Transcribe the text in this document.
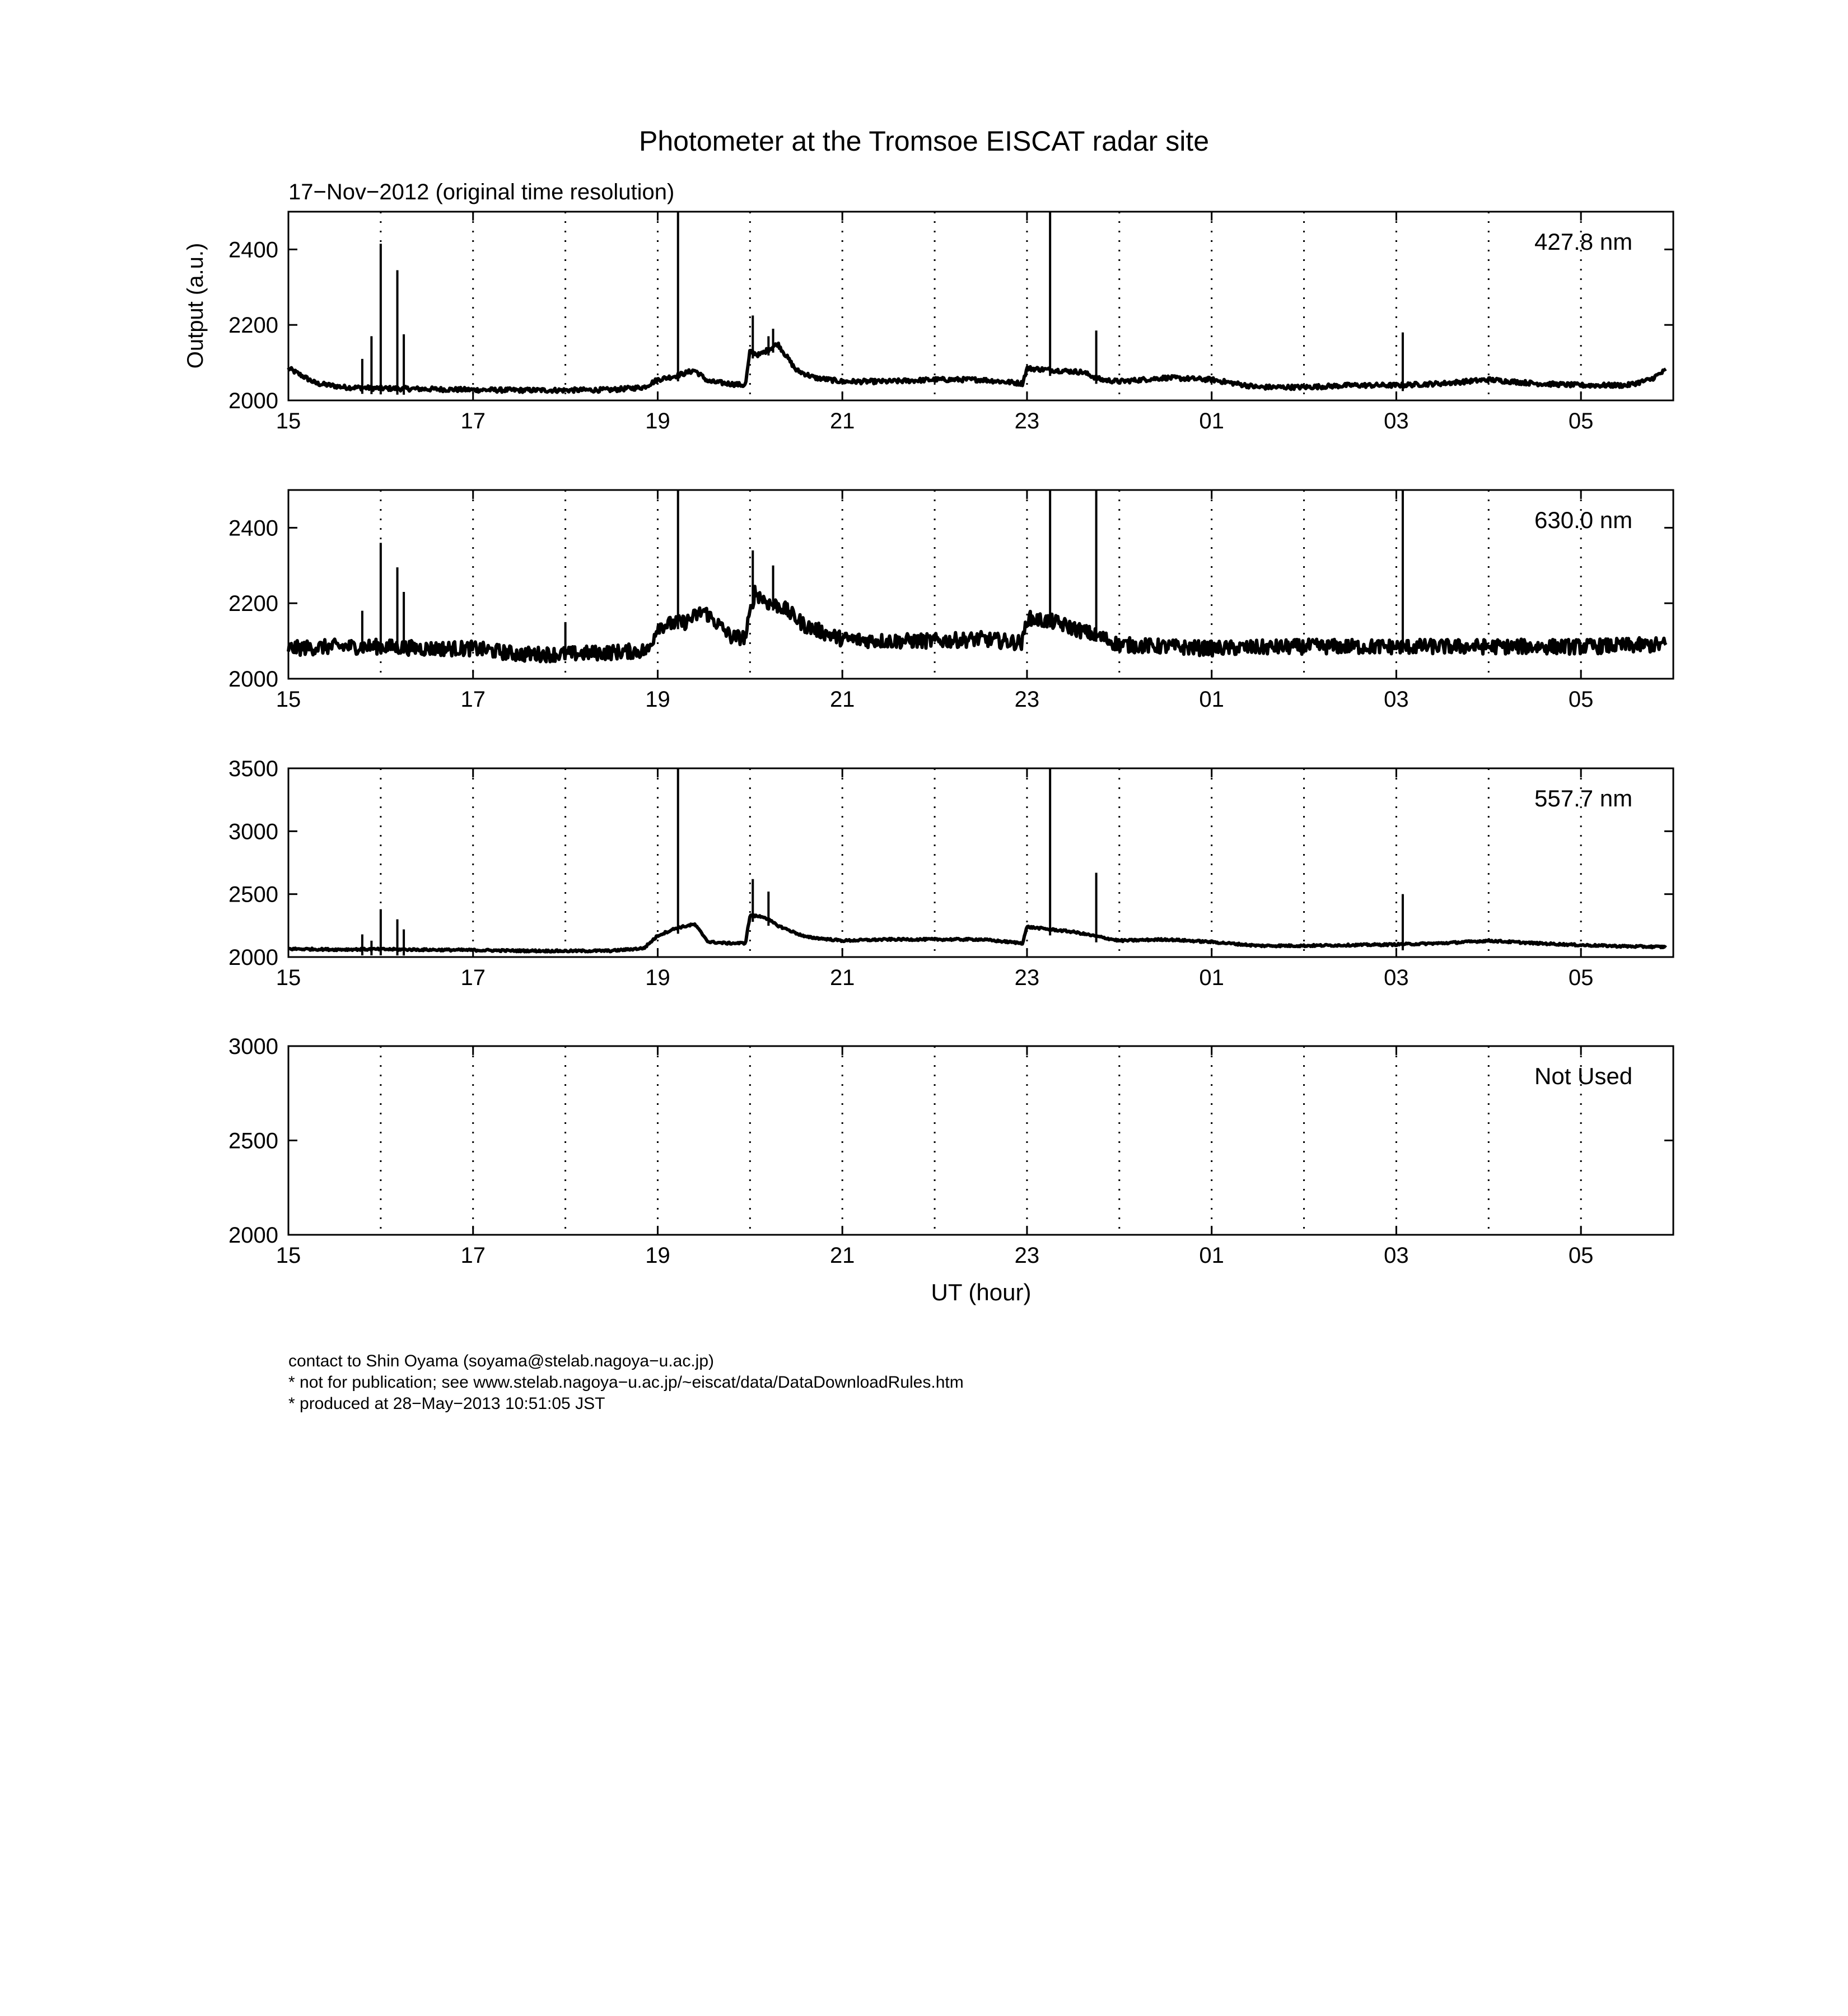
Photometer at the Tromsoe EISCAT radar site
17−Nov−2012 (original time resolution)
15	17	19	21	23	01	03	05
2000
2200
2400	427.8 nm
15	17	19	21	23	01	03	05
2000
2200
2400	630.0 nm
15	17	19	21	23	01	03	05
2000
2500
3000
3500
557.7 nm
15	17	19	21	23	01	03	05
2000
2500
3000
Not Used
Output (a.u.)
UT (hour)
contact to Shin Oyama (soyama@stelab.nagoya−u.ac.jp)
* not for publication; see www.stelab.nagoya−u.ac.jp/~eiscat/data/DataDownloadRules.htm
* produced at 28−May−2013 10:51:05 JST
